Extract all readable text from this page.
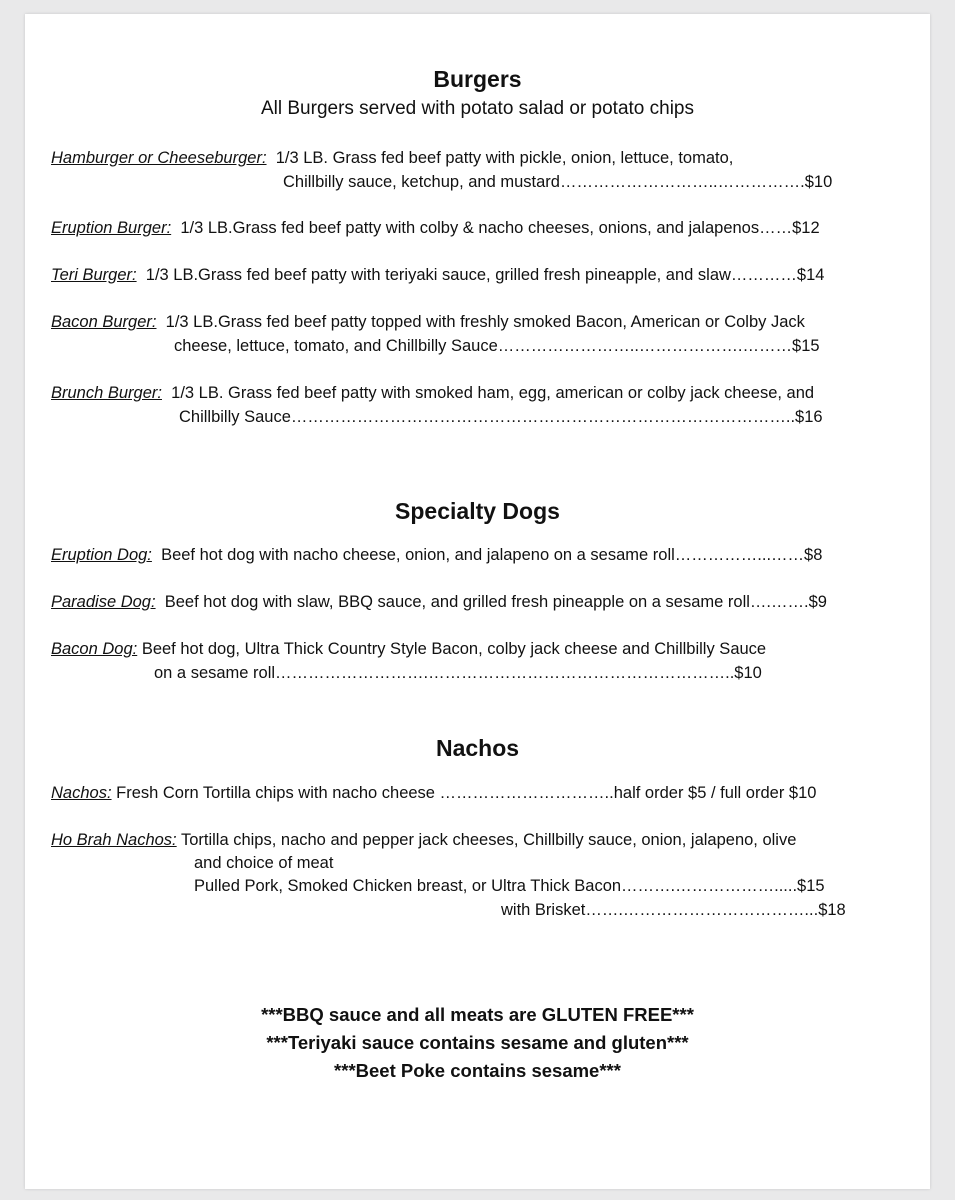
Burgers
All Burgers served with potato salad or potato chips
Hamburger or Cheeseburger: 1/3 LB. Grass fed beef patty with pickle, onion, lettuce, tomato,
Chillbilly sauce, ketchup, and mustard………………………..…………….$10
Eruption Burger: 1/3 LB.Grass fed beef patty with colby & nacho cheeses, onions, and jalapenos……$12
Teri Burger: 1/3 LB.Grass fed beef patty with teriyaki sauce, grilled fresh pineapple, and slaw…………$14
Bacon Burger: 1/3 LB.Grass fed beef patty topped with freshly smoked Bacon, American or Colby Jack
cheese, lettuce, tomato, and Chillbilly Sauce……………………..……………….………$15
Brunch Burger: 1/3 LB. Grass fed beef patty with smoked ham, egg, american or colby jack cheese, and
Chillbilly Sauce………………………………………………………………………………..$16
Specialty Dogs
Eruption Dog: Beef hot dog with nacho cheese, onion, and jalapeno on a sesame roll……………...……$8
Paradise Dog: Beef hot dog with slaw, BBQ sauce, and grilled fresh pineapple on a sesame roll….…….$9
Bacon Dog: Beef hot dog, Ultra Thick Country Style Bacon, colby jack cheese and Chillbilly Sauce
on a sesame roll……………………….………………………………………………..$10
Nachos
Nachos: Fresh Corn Tortilla chips with nacho cheese …………………………..half order $5 / full order $10
Ho Brah Nachos: Tortilla chips, nacho and pepper jack cheeses, Chillbilly sauce, onion, jalapeno, olive
and choice of meat
Pulled Pork, Smoked Chicken breast, or Ultra Thick Bacon……….……………….....$15
with Brisket…….……………………………...$18
***BBQ sauce and all meats are GLUTEN FREE***
***Teriyaki sauce contains sesame and gluten***
***Beet Poke contains sesame***
